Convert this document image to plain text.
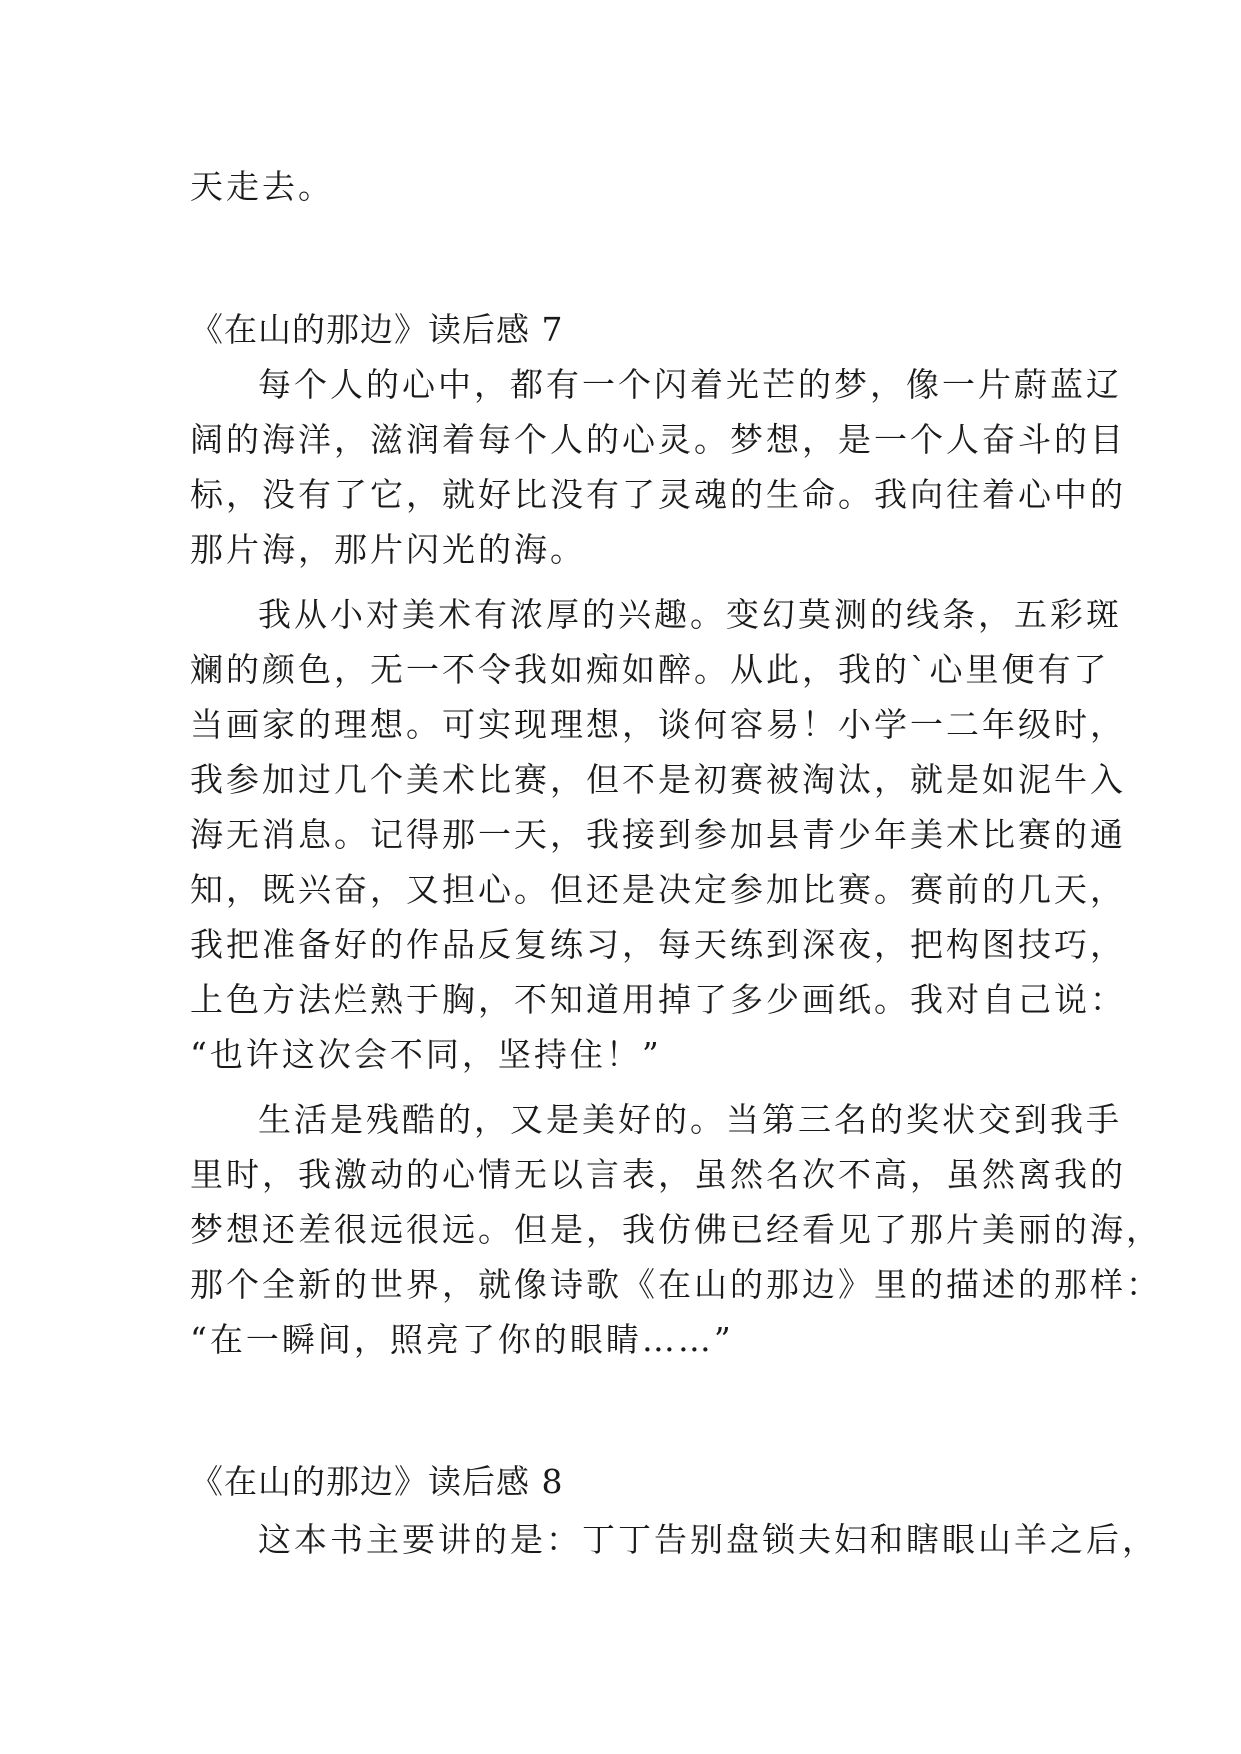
天走去。
《在山的那边》读后感 7
每个人的心中，都有一个闪着光芒的梦，像一片蔚蓝辽
阔的海洋，滋润着每个人的心灵。梦想，是一个人奋斗的目
标，没有了它，就好比没有了灵魂的生命。我向往着心中的
那片海，那片闪光的海。
我从小对美术有浓厚的兴趣。变幻莫测的线条，五彩斑
斓的颜色，无一不令我如痴如醉。从此，我的`心里便有了
当画家的理想。可实现理想，谈何容易！小学一二年级时，
我参加过几个美术比赛，但不是初赛被淘汰，就是如泥牛入
海无消息。记得那一天，我接到参加县青少年美术比赛的通
知，既兴奋，又担心。但还是决定参加比赛。赛前的几天，
我把准备好的作品反复练习，每天练到深夜，把构图技巧，
上色方法烂熟于胸，不知道用掉了多少画纸。我对自己说：
“也许这次会不同，坚持住！”
生活是残酷的，又是美好的。当第三名的奖状交到我手
里时，我激动的心情无以言表，虽然名次不高，虽然离我的
梦想还差很远很远。但是，我仿佛已经看见了那片美丽的海，
那个全新的世界，就像诗歌《在山的那边》里的描述的那样：
“在一瞬间，照亮了你的眼睛……”
《在山的那边》读后感 8
这本书主要讲的是：丁丁告别盘锁夫妇和瞎眼山羊之后，
